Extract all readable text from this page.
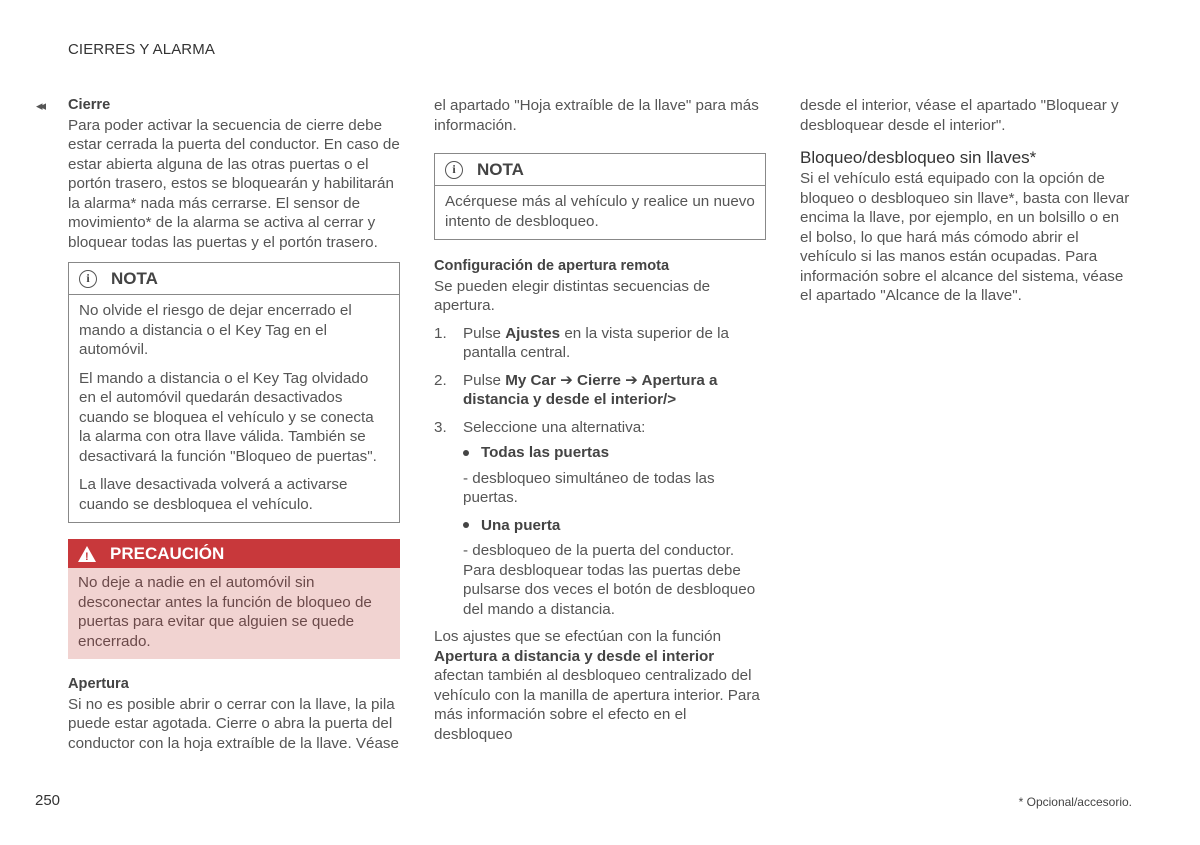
CIERRES Y ALARMA
◂◂ Cierre

Para poder activar la secuencia de cierre debe estar cerrada la puerta del conductor. En caso de estar abierta alguna de las otras puertas o el portón trasero, estos se bloquearán y habilitarán la alarma* nada más cerrarse. El sensor de movimiento* de la alarma se activa al cerrar y bloquear todas las puertas y el portón trasero.

i	NOTA

No olvide el riesgo de dejar encerrado el mando a distancia o el Key Tag en el automóvil.

El mando a distancia o el Key Tag olvidado en el automóvil quedarán desactivados cuando se bloquea el vehículo y se conecta la alarma con otra llave válida. También se desactivará la función "Bloqueo de puertas".

La llave desactivada volverá a activarse cuando se desbloquea el vehículo.

! PRECAUCIÓN

No deje a nadie en el automóvil sin desconectar antes la función de bloqueo de puertas para evitar que alguien se quede encerrado.

Apertura

Si no es posible abrir o cerrar con la llave, la pila puede estar agotada. Cierre o abra la puerta del conductor con la hoja extraíble de la llave. Véase

el apartado "Hoja extraíble de la llave" para más información.

i	NOTA

Acérquese más al vehículo y realice un nuevo intento de desbloqueo.

Configuración de apertura remota

Se pueden elegir distintas secuencias de apertura.

1.	Pulse Ajustes en la vista superior de la pantalla central.
2.	Pulse My Car ➔ Cierre ➔ Apertura a distancia y desde el interior/>
3.	Seleccione una alternativa:
Todas las puertas

- desbloqueo simultáneo de todas las puertas.

Una puerta

- desbloqueo de la puerta del conductor. Para desbloquear todas las puertas debe pulsarse dos veces el botón de desbloqueo del mando a distancia.

Los ajustes que se efectúan con la función Apertura a distancia y desde el interior afectan también al desbloqueo centralizado del vehículo con la manilla de apertura interior. Para más información sobre el efecto en el desbloqueo

desde el interior, véase el apartado "Bloquear y desbloquear desde el interior".

Bloqueo/desbloqueo sin llaves*

Si el vehículo está equipado con la opción de bloqueo o desbloqueo sin llave*, basta con llevar encima la llave, por ejemplo, en un bolsillo o en el bolso, lo que hará más cómodo abrir el vehículo si las manos están ocupadas. Para información sobre el alcance del sistema, véase el apartado "Alcance de la llave".

250	* Opcional/accesorio.
